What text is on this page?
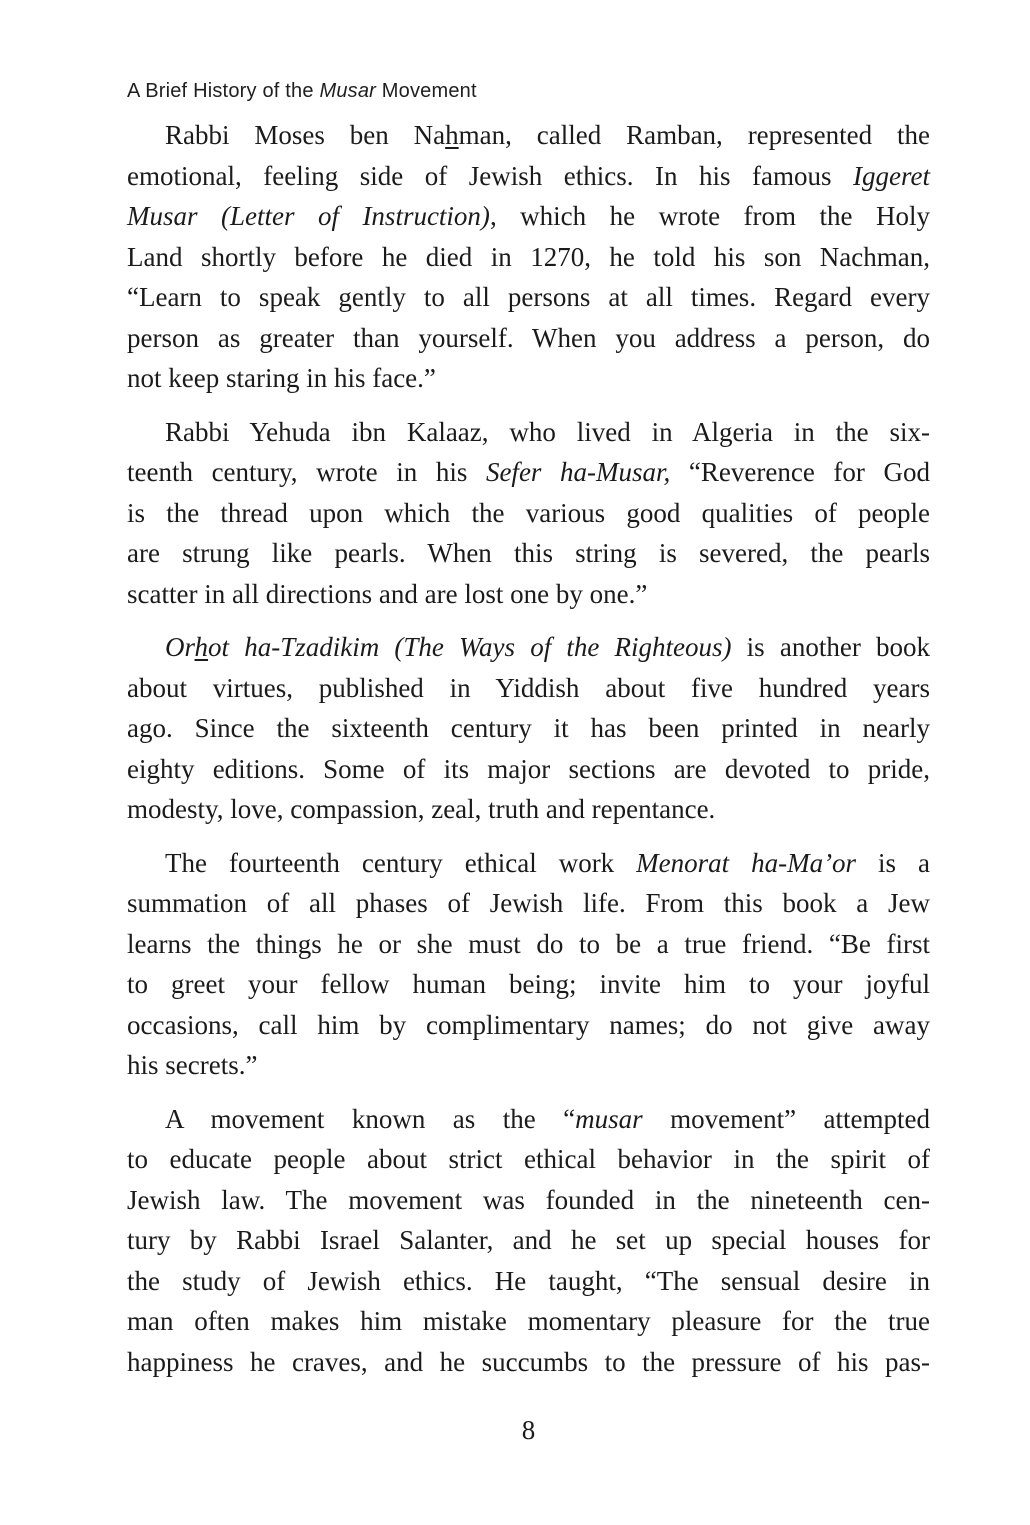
A Brief History of the Musar Movement

Rabbi Moses ben Nahman, called Ramban, represented the
emotional, feeling side of Jewish ethics. In his famous Iggeret
Musar (Letter of Instruction), which he wrote from the Holy
Land shortly before he died in 1270, he told his son Nachman,
“Learn to speak gently to all persons at all times. Regard every
person as greater than yourself. When you address a person, do
not keep staring in his face.”

Rabbi Yehuda ibn Kalaaz, who lived in Algeria in the six-
teenth century, wrote in his Sefer ha-Musar, “Reverence for God
is the thread upon which the various good qualities of people
are strung like pearls. When this string is severed, the pearls
scatter in all directions and are lost one by one.”

Orhot ha-Tzadikim (The Ways of the Righteous) is another book
about virtues, published in Yiddish about five hundred years
ago. Since the sixteenth century it has been printed in nearly
eighty editions. Some of its major sections are devoted to pride,
modesty, love, compassion, zeal, truth and repentance.

The fourteenth century ethical work Menorat ha-Ma’or is a
summation of all phases of Jewish life. From this book a Jew
learns the things he or she must do to be a true friend. “Be first
to greet your fellow human being; invite him to your joyful
occasions, call him by complimentary names; do not give away
his secrets.”

A movement known as the “musar movement” attempted
to educate people about strict ethical behavior in the spirit of
Jewish law. The movement was founded in the nineteenth cen-
tury by Rabbi Israel Salanter, and he set up special houses for
the study of Jewish ethics. He taught, “The sensual desire in
man often makes him mistake momentary pleasure for the true
happiness he craves, and he succumbs to the pressure of his pas-

8
